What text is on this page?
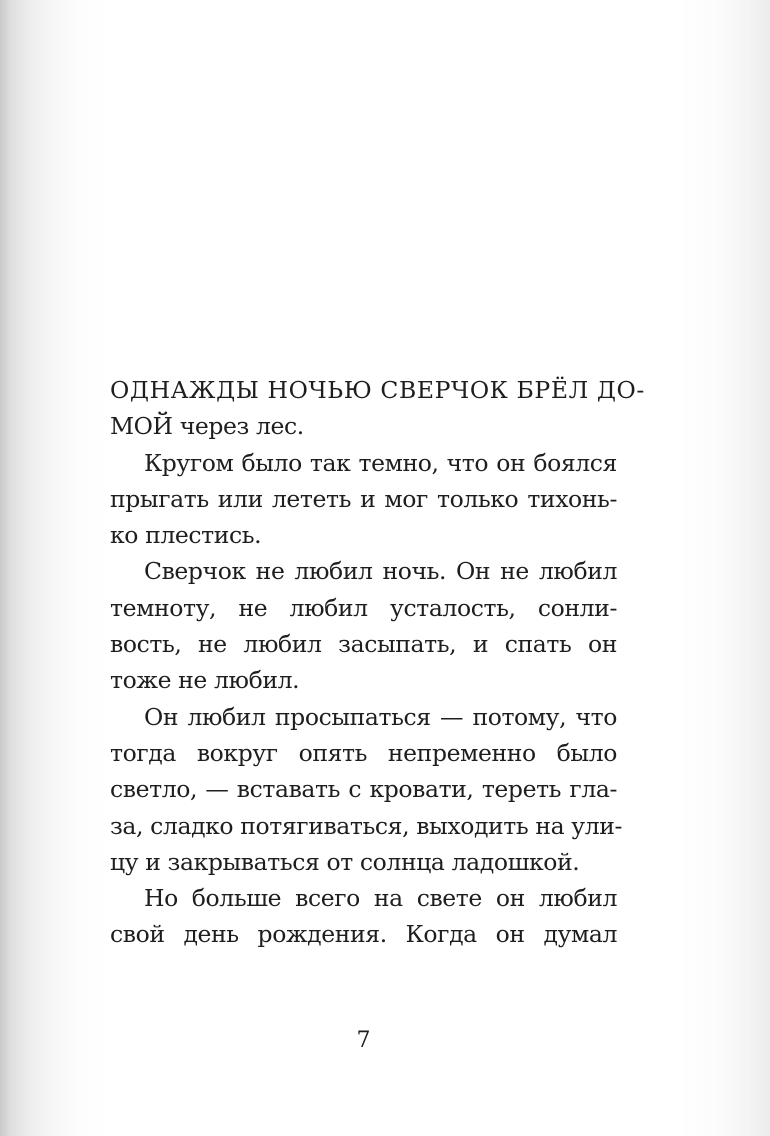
ОДНАЖДЫ НОЧЬЮ СВЕРЧОК БРЁЛ ДО-
МОЙ через лес.

Кругом было так темно, что он боялся
прыгать или лететь и мог только тихонь-
ко плестись.

Сверчок не любил ночь. Он не любил
темноту, не любил усталость, сонли-
вость, не любил засыпать, и спать он
тоже не любил.

Он любил просыпаться — потому, что
тогда вокруг опять непременно было
светло, — вставать с кровати, тереть гла-
за, сладко потягиваться, выходить на ули-
цу и закрываться от солнца ладошкой.

Но больше всего на свете он любил
свой день рождения. Когда он думал

7
